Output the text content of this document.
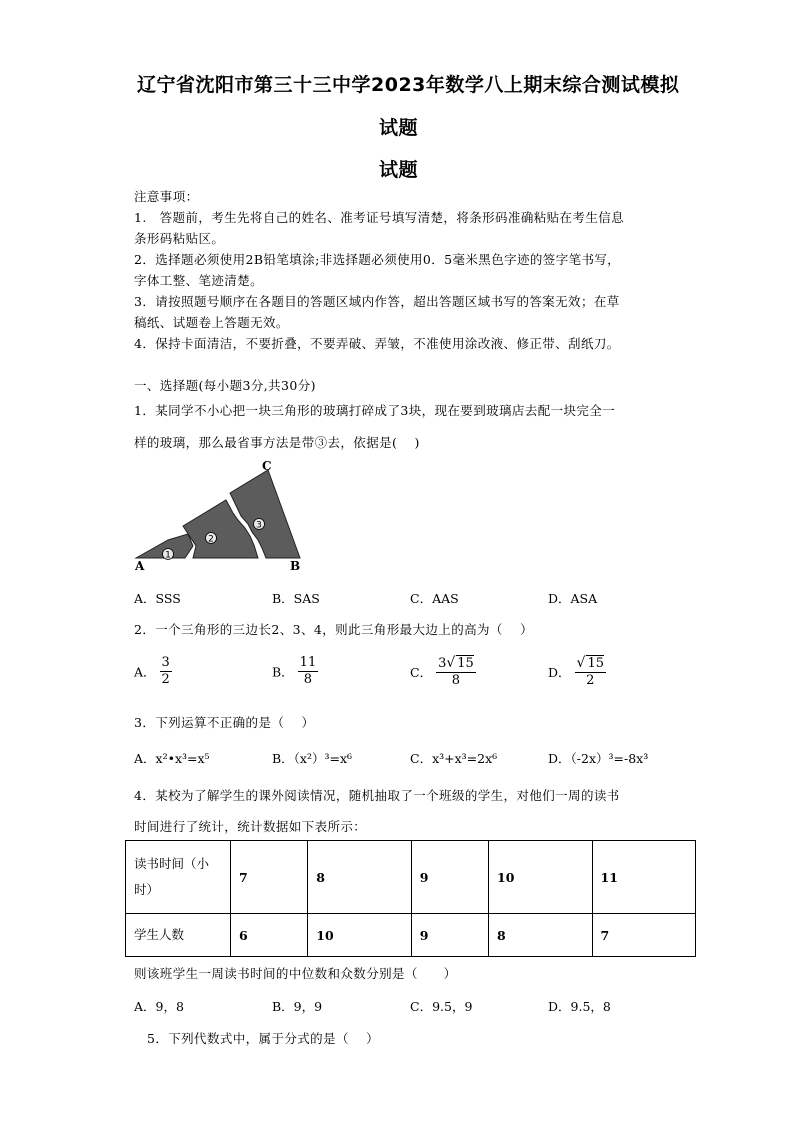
辽宁省沈阳市第三十三中学2023年数学八上期末综合测试模拟
试题
试题
注意事项：
1.　答题前，考生先将自己的姓名、准考证号填写清楚，将条形码准确粘贴在考生信息
条形码粘贴区。
2．选择题必须使用2B铅笔填涂;非选择题必须使用0．5毫米黑色字迹的签字笔书写，
字体工整、笔迹清楚。
3．请按照题号顺序在各题目的答题区域内作答，超出答题区域书写的答案无效；在草
稿纸、试题卷上答题无效。
4．保持卡面清洁，不要折叠，不要弄破、弄皱，不准使用涂改液、修正带、刮纸刀。
一、选择题(每小题3分,共30分)
1．某同学不小心把一块三角形的玻璃打碎成了3块，现在要到玻璃店去配一块完全一
样的玻璃，那么最省事方法是带③去，依据是(　 )
1
2
3
A	B
C
A．SSS	B．SAS	C．AAS	D．ASA
2．一个三角形的三边长2、3、4，则此三角形最大边上的高为（　 ）
A． $\frac{3}{2}$	B． $\frac{11}{8}$	C． $\frac{3√ 15}{8}$	D． $\frac{√ 15}{2}$
3．下列运算不正确的是（　 ）
A．x²•x³=x⁵	B．（x²）³=x⁶	C．x³+x³=2x⁶	D．（-2x）³=-8x³
4．某校为了解学生的课外阅读情况，随机抽取了一个班级的学生，对他们一周的读书
时间进行了统计，统计数据如下表所示：
读书时间（小时）	7	8	9	10	11
学生人数	6	10	9	8	7
则该班学生一周读书时间的中位数和众数分别是（　　）
A．9，8	B．9，9	C．9.5，9	D．9.5，8
5．下列代数式中，属于分式的是（　 ）
